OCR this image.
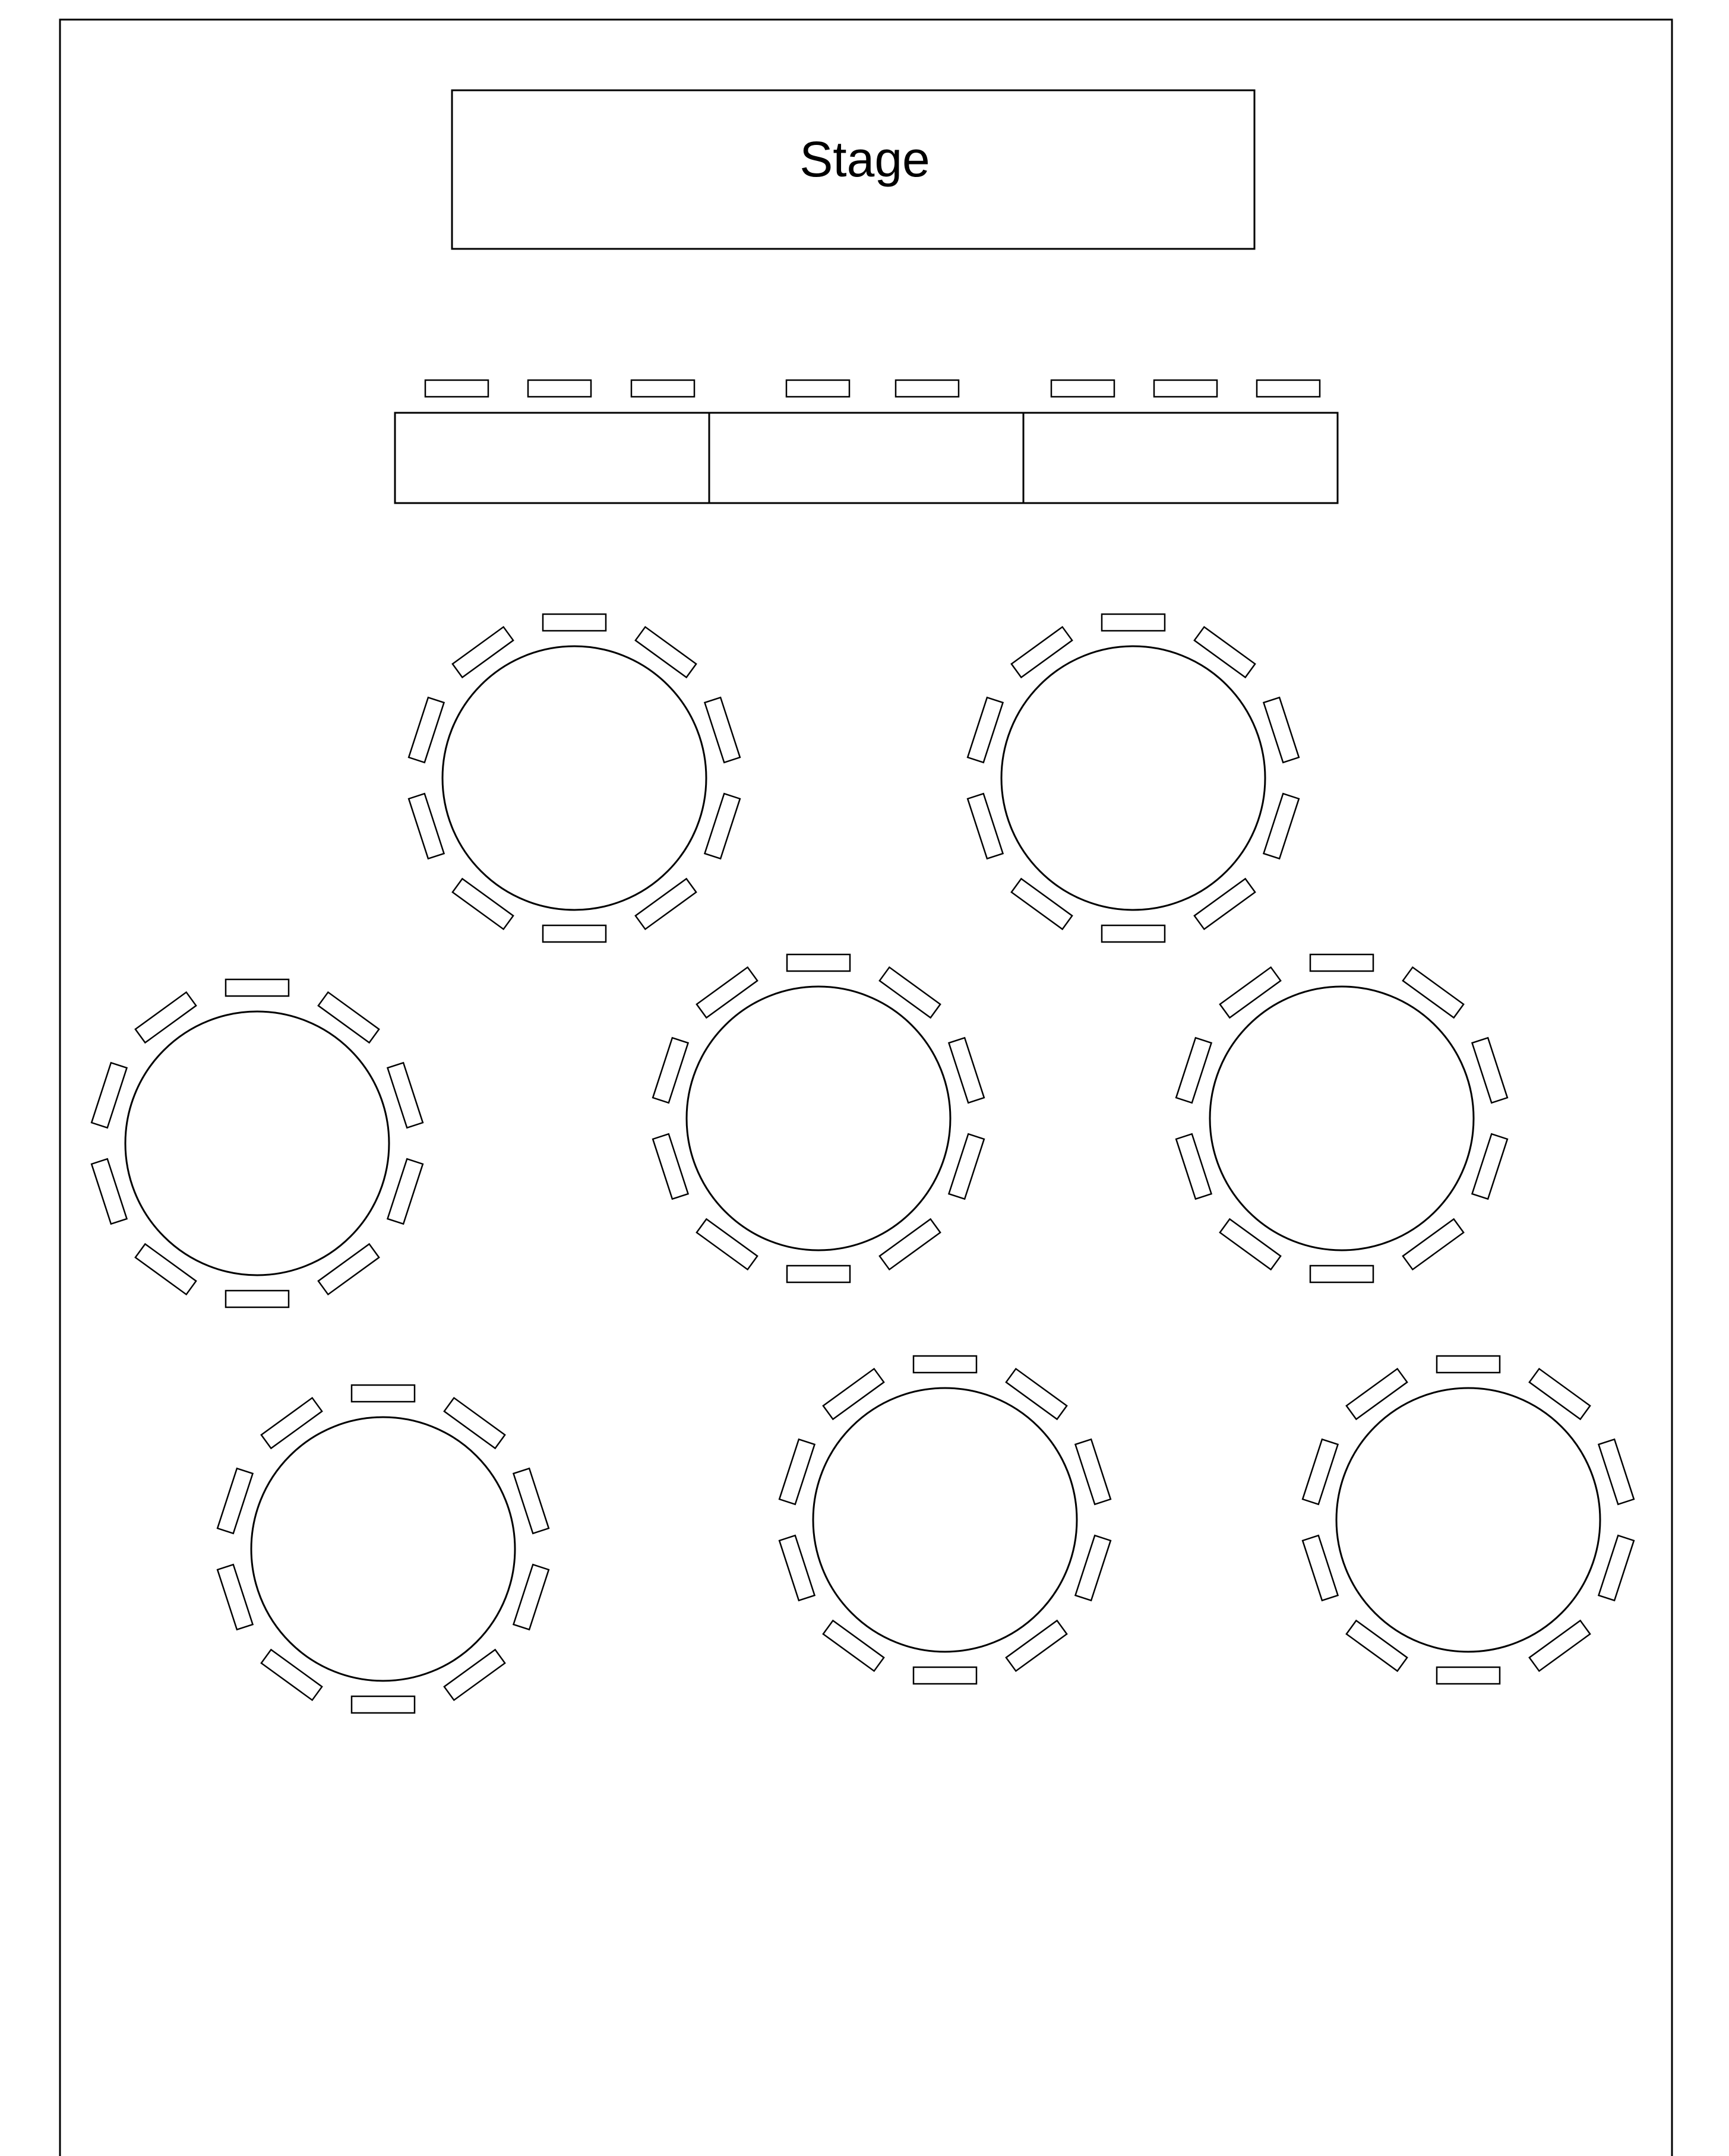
Stage
